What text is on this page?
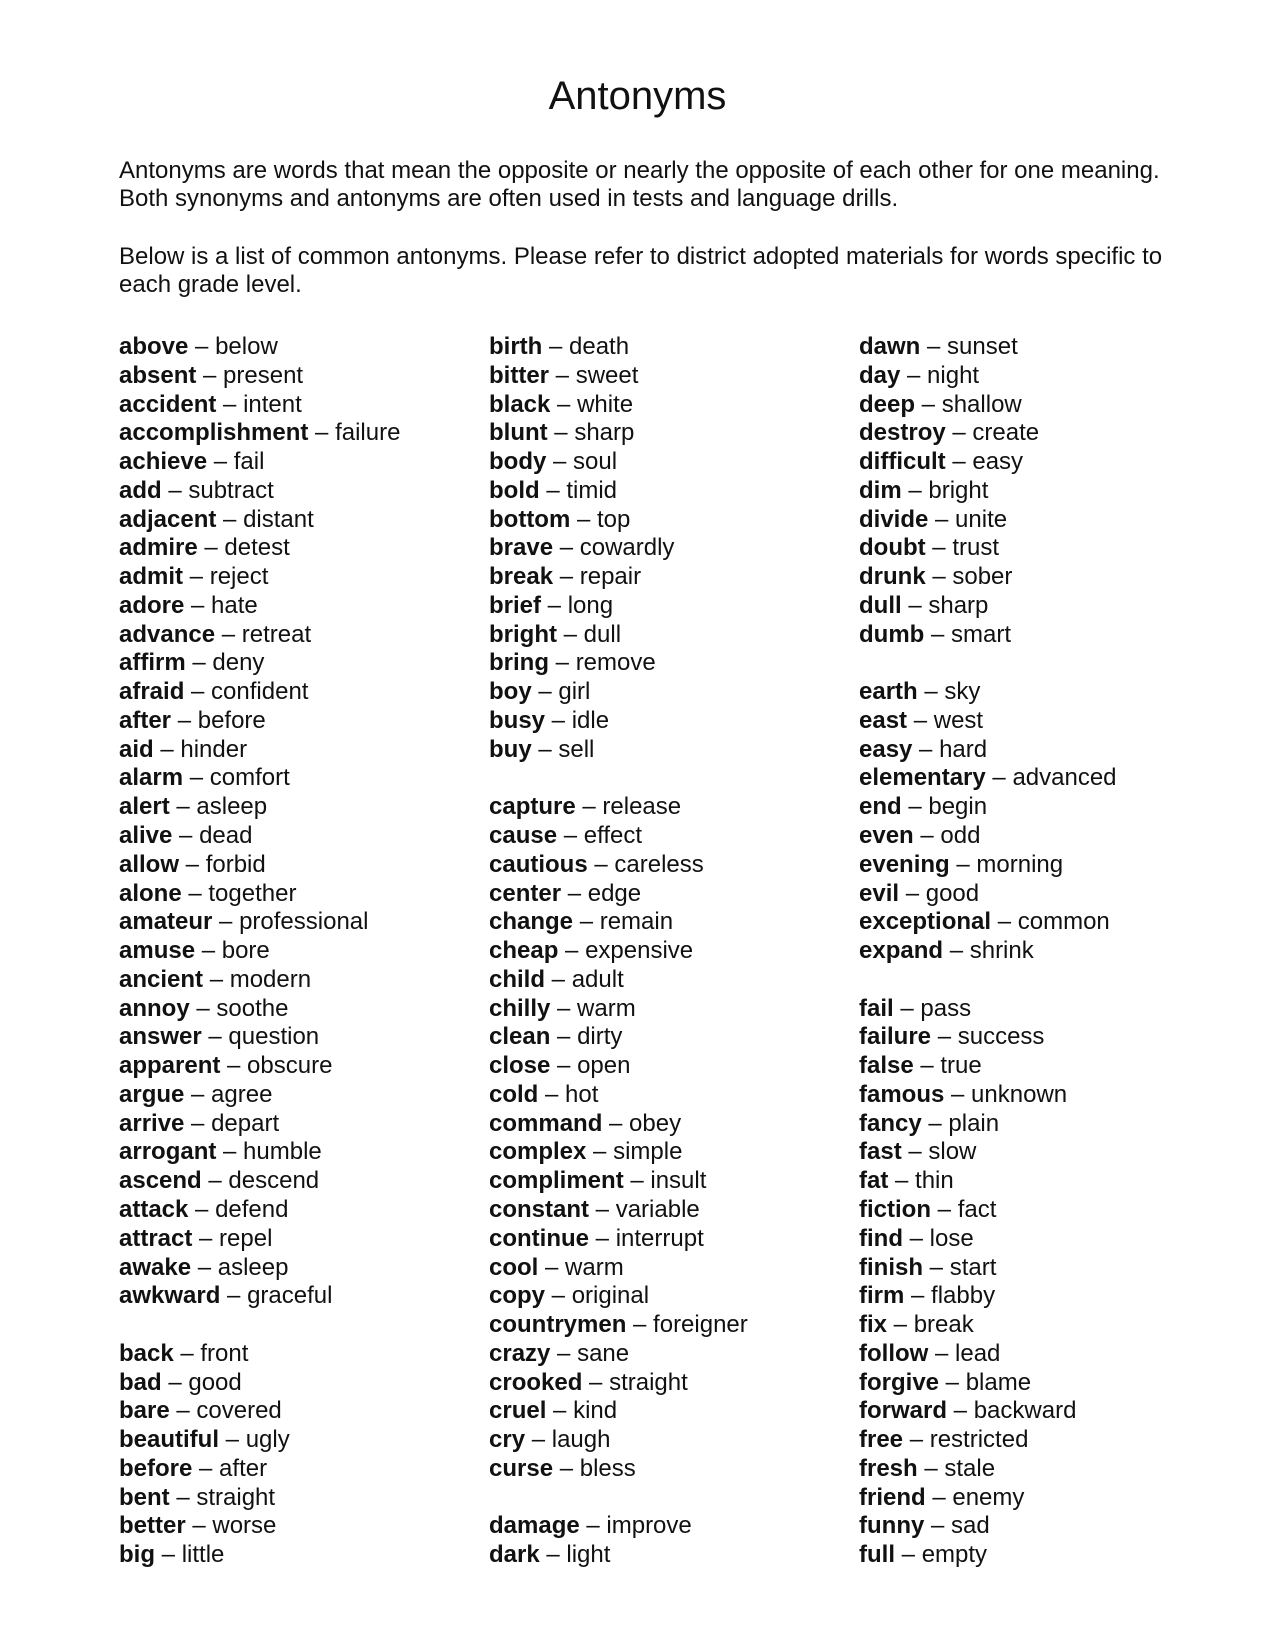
Antonyms

Antonyms are words that mean the opposite or nearly the opposite of each other for one meaning. Both synonyms and antonyms are often used in tests and language drills.

Below is a list of common antonyms. Please refer to district adopted materials for words specific to each grade level.

above – below
absent – present
accident – intent
accomplishment – failure
achieve – fail
add – subtract
adjacent – distant
admire – detest
admit – reject
adore – hate
advance – retreat
affirm – deny
afraid – confident
after – before
aid – hinder
alarm – comfort
alert – asleep
alive – dead
allow – forbid
alone – together
amateur – professional
amuse – bore
ancient – modern
annoy – soothe
answer – question
apparent – obscure
argue – agree
arrive – depart
arrogant – humble
ascend – descend
attack – defend
attract – repel
awake – asleep
awkward – graceful
back – front
bad – good
bare – covered
beautiful – ugly
before – after
bent – straight
better – worse
big – little
birth – death
bitter – sweet
black – white
blunt – sharp
body – soul
bold – timid
bottom – top
brave – cowardly
break – repair
brief – long
bright – dull
bring – remove
boy – girl
busy – idle
buy – sell
capture – release
cause – effect
cautious – careless
center – edge
change – remain
cheap – expensive
child – adult
chilly – warm
clean – dirty
close – open
cold – hot
command – obey
complex – simple
compliment – insult
constant – variable
continue – interrupt
cool – warm
copy – original
countrymen – foreigner
crazy – sane
crooked – straight
cruel – kind
cry – laugh
curse – bless
damage – improve
dark – light
dawn – sunset
day – night
deep – shallow
destroy – create
difficult – easy
dim – bright
divide – unite
doubt – trust
drunk – sober
dull – sharp
dumb – smart
earth – sky
east – west
easy – hard
elementary – advanced
end – begin
even – odd
evening – morning
evil – good
exceptional – common
expand – shrink
fail – pass
failure – success
false – true
famous – unknown
fancy – plain
fast – slow
fat – thin
fiction – fact
find – lose
finish – start
firm – flabby
fix – break
follow – lead
forgive – blame
forward – backward
free – restricted
fresh – stale
friend – enemy
funny – sad
full – empty
